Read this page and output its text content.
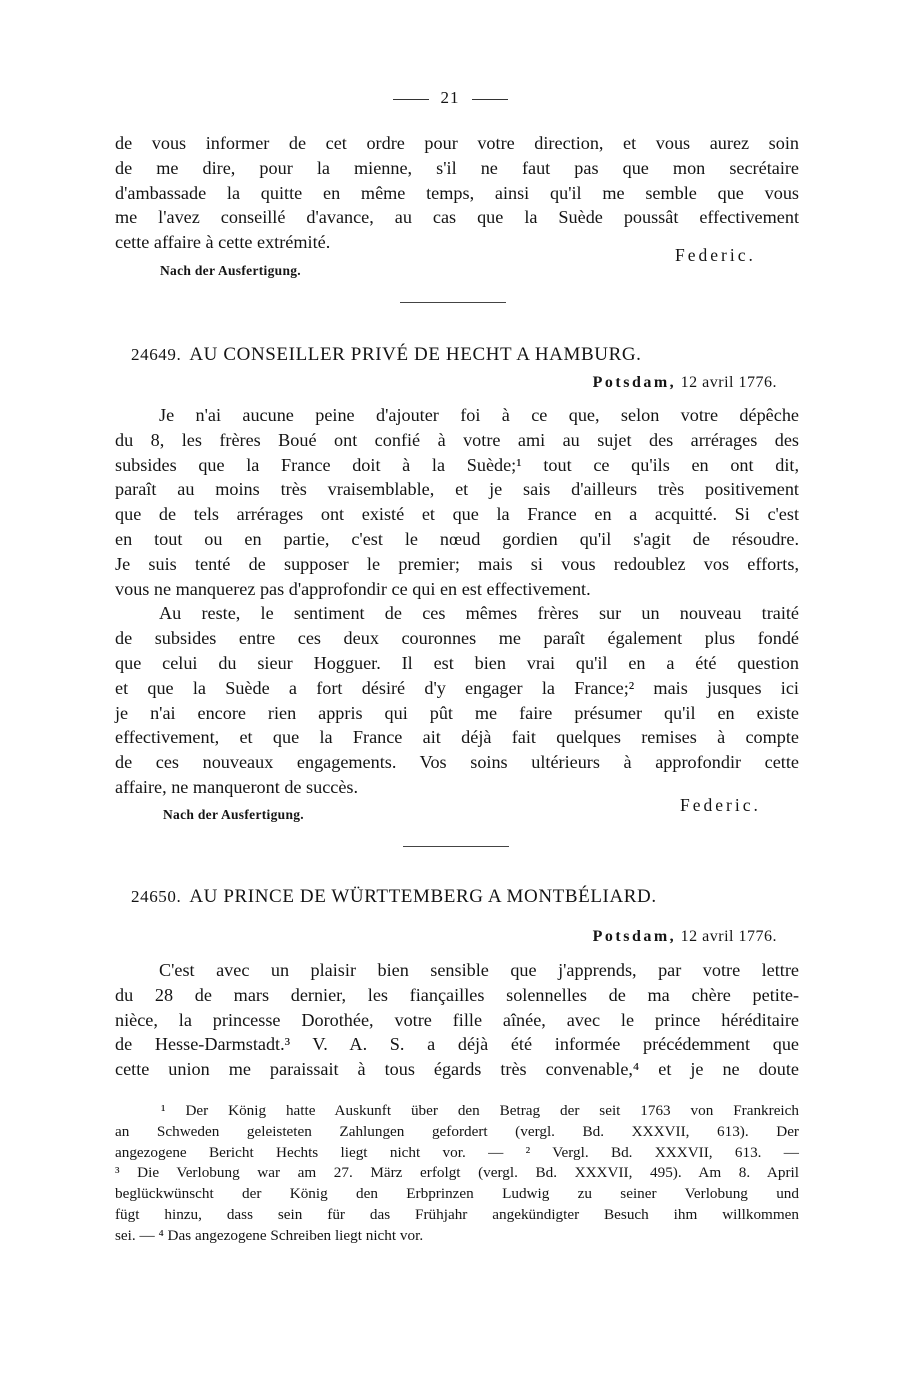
21
de vous informer de cet ordre pour votre direction, et vous aurez soin
de me dire, pour la mienne, s'il ne faut pas que mon secrétaire
d'ambassade la quitte en même temps, ainsi qu'il me semble que vous
me l'avez conseillé d'avance, au cas que la Suède poussât effectivement
cette affaire à cette extrémité.
Federic.
Nach der Ausfertigung.
24649. AU CONSEILLER PRIVÉ DE HECHT A HAMBURG.
Potsdam, 12 avril 1776.
Je n'ai aucune peine d'ajouter foi à ce que, selon votre dépêche
du 8, les frères Boué ont confié à votre ami au sujet des arrérages des
subsides que la France doit à la Suède;¹ tout ce qu'ils en ont dit,
paraît au moins très vraisemblable, et je sais d'ailleurs très positivement
que de tels arrérages ont existé et que la France en a acquitté. Si c'est
en tout ou en partie, c'est le nœud gordien qu'il s'agit de résoudre.
Je suis tenté de supposer le premier; mais si vous redoublez vos efforts,
vous ne manquerez pas d'approfondir ce qui en est effectivement.
Au reste, le sentiment de ces mêmes frères sur un nouveau traité
de subsides entre ces deux couronnes me paraît également plus fondé
que celui du sieur Hogguer. Il est bien vrai qu'il en a été question
et que la Suède a fort désiré d'y engager la France;² mais jusques ici
je n'ai encore rien appris qui pût me faire présumer qu'il en existe
effectivement, et que la France ait déjà fait quelques remises à compte
de ces nouveaux engagements. Vos soins ultérieurs à approfondir cette
affaire, ne manqueront de succès.
Federic.
Nach der Ausfertigung.
24650. AU PRINCE DE WÜRTTEMBERG A MONTBÉLIARD.
Potsdam, 12 avril 1776.
C'est avec un plaisir bien sensible que j'apprends, par votre lettre
du 28 de mars dernier, les fiançailles solennelles de ma chère petite-
nièce, la princesse Dorothée, votre fille aînée, avec le prince héréditaire
de Hesse-Darmstadt.³ V. A. S. a déjà été informée précédemment que
cette union me paraissait à tous égards très convenable,⁴ et je ne doute
¹ Der König hatte Auskunft über den Betrag der seit 1763 von Frankreich
an Schweden geleisteten Zahlungen gefordert (vergl. Bd. XXXVII, 613). Der
angezogene Bericht Hechts liegt nicht vor. — ² Vergl. Bd. XXXVII, 613. —
³ Die Verlobung war am 27. März erfolgt (vergl. Bd. XXXVII, 495). Am 8. April
beglückwünscht der König den Erbprinzen Ludwig zu seiner Verlobung und
fügt hinzu, dass sein für das Frühjahr angekündigter Besuch ihm willkommen
sei. — ⁴ Das angezogene Schreiben liegt nicht vor.
